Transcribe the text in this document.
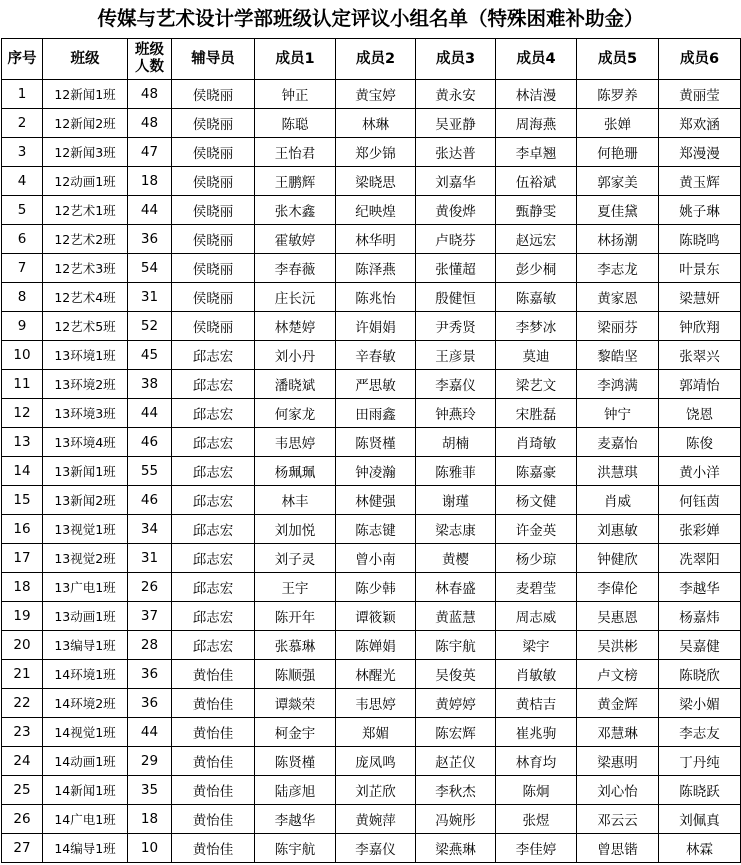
传媒与艺术设计学部班级认定评议小组名单（特殊困难补助金）
序号	班级	班级人数	辅导员	成员1	成员2	成员3	成员4	成员5	成员6
1	12新闻1班	48	侯晓丽	钟正	黄宝婷	黄永安	林洁漫	陈罗养	黄丽莹
2	12新闻2班	48	侯晓丽	陈聪	林琳	吴亚静	周海燕	张婵	郑欢涵
3	12新闻3班	47	侯晓丽	王怡君	郑少锦	张达普	李卓翘	何艳珊	郑漫漫
4	12动画1班	18	侯晓丽	王鹏辉	梁晓思	刘嘉华	伍裕斌	郭家美	黄玉辉
5	12艺术1班	44	侯晓丽	张木鑫	纪映煌	黄俊烨	甄静雯	夏佳黛	姚子琳
6	12艺术2班	36	侯晓丽	霍敏婷	林华明	卢晓芬	赵远宏	林扬潮	陈晓鸣
7	12艺术3班	54	侯晓丽	李春薇	陈泽燕	张懂超	彭少桐	李志龙	叶景东
8	12艺术4班	31	侯晓丽	庄长沅	陈兆怡	殷健恒	陈嘉敏	黄家恩	梁慧妍
9	12艺术5班	52	侯晓丽	林楚婷	许娟娟	尹秀贤	李梦冰	梁丽芬	钟欣翔
10	13环境1班	45	邱志宏	刘小丹	辛春敏	王彦景	莫迪	黎皓坚	张翠兴
11	13环境2班	38	邱志宏	潘晓斌	严思敏	李嘉仪	梁艺文	李鸿满	郭靖怡
12	13环境3班	44	邱志宏	何家龙	田雨鑫	钟燕玲	宋胜磊	钟宁	饶恩
13	13环境4班	46	邱志宏	韦思婷	陈贤槿	胡楠	肖琦敏	麦嘉怡	陈俊
14	13新闻1班	55	邱志宏	杨珮珮	钟凌瀚	陈雅菲	陈嘉豪	洪慧琪	黄小洋
15	13新闻2班	46	邱志宏	林丰	林健强	谢瑾	杨文健	肖威	何钰茵
16	13视觉1班	34	邱志宏	刘加悦	陈志键	梁志康	许金英	刘惠敏	张彩婵
17	13视觉2班	31	邱志宏	刘子灵	曾小南	黄樱	杨少琼	钟健欣	冼翠阳
18	13广电1班	26	邱志宏	王宇	陈少韩	林春盛	麦碧莹	李偉伦	李越华
19	13动画1班	37	邱志宏	陈开年	谭筱颖	黄蓝慧	周志威	吴惠恩	杨嘉炜
20	13编导1班	28	邱志宏	张慕琳	陈婵娟	陈宇航	梁宇	吴洪彬	吴嘉健
21	14环境1班	36	黄怡佳	陈顺强	林醒光	吴俊英	肖敏敏	卢文榜	陈晓欣
22	14环境2班	36	黄怡佳	谭燚荣	韦思婷	黄婷婷	黄桔吉	黄金辉	梁小媚
23	14视觉1班	44	黄怡佳	柯金宇	郑媚	陈宏辉	崔兆驹	邓慧琳	李志友
24	14动画1班	29	黄怡佳	陈贤槿	庞凤鸣	赵芷仪	林育均	梁惠明	丁丹纯
25	14新闻1班	35	黄怡佳	陆彦旭	刘芷欣	李秋杰	陈炯	刘心怡	陈晓跃
26	14广电1班	18	黄怡佳	李越华	黄婉萍	冯婉彤	张煜	邓云云	刘佩真
27	14编导1班	10	黄怡佳	陈宇航	李嘉仪	梁燕琳	李佳婷	曾思锴	林霖
